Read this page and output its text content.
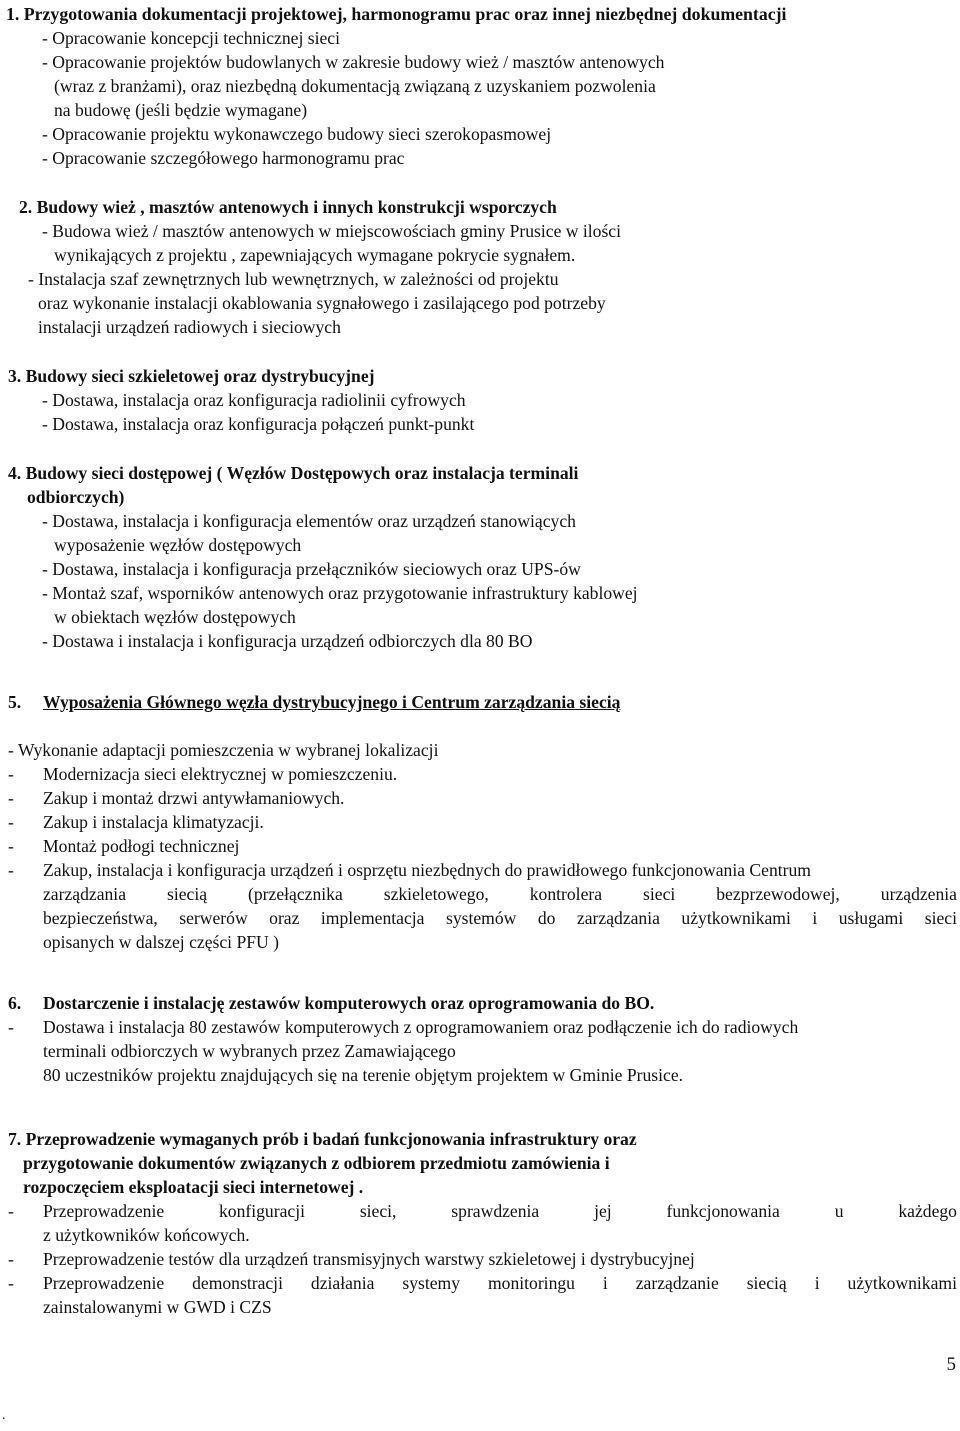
1. Przygotowania dokumentacji projektowej, harmonogramu prac oraz innej niezbędnej dokumentacji
- Opracowanie koncepcji technicznej sieci
- Opracowanie projektów budowlanych w zakresie budowy wież / masztów antenowych
(wraz z branżami), oraz niezbędną dokumentacją związaną z uzyskaniem pozwolenia
na budowę (jeśli będzie wymagane)
- Opracowanie projektu wykonawczego budowy sieci szerokopasmowej
- Opracowanie szczegółowego harmonogramu prac
2. Budowy wież , masztów antenowych i innych konstrukcji wsporczych
- Budowa wież / masztów antenowych w miejscowościach gminy Prusice w ilości
wynikających z projektu , zapewniających wymagane pokrycie sygnałem.
- Instalacja szaf zewnętrznych lub wewnętrznych, w zależności od projektu
oraz wykonanie instalacji okablowania sygnałowego i zasilającego pod potrzeby
instalacji urządzeń radiowych i sieciowych
3. Budowy sieci szkieletowej oraz dystrybucyjnej
- Dostawa, instalacja oraz konfiguracja radiolinii cyfrowych
- Dostawa, instalacja oraz konfiguracja połączeń punkt-punkt
4. Budowy sieci dostępowej ( Węzłów Dostępowych oraz instalacja terminali
odbiorczych)
- Dostawa, instalacja i konfiguracja elementów oraz urządzeń stanowiących
wyposażenie węzłów dostępowych
- Dostawa, instalacja i konfiguracja przełączników sieciowych oraz UPS-ów
- Montaż szaf, wsporników antenowych oraz przygotowanie infrastruktury kablowej
w obiektach węzłów dostępowych
- Dostawa i instalacja i konfiguracja urządzeń odbiorczych dla 80 BO
5. Wyposażenia Głównego węzła dystrybucyjnego i Centrum zarządzania siecią
- Wykonanie adaptacji pomieszczenia w wybranej lokalizacji
- Modernizacja sieci elektrycznej w pomieszczeniu.
- Zakup i montaż drzwi antywłamaniowych.
- Zakup i instalacja klimatyzacji.
- Montaż podłogi technicznej
- Zakup, instalacja i konfiguracja urządzeń i osprzętu niezbędnych do prawidłowego funkcjonowania Centrum
zarządzania siecią (przełącznika szkieletowego, kontrolera sieci bezprzewodowej, urządzenia
bezpieczeństwa, serwerów oraz implementacja systemów do zarządzania użytkownikami i usługami sieci
opisanych w dalszej części PFU )
6. Dostarczenie i instalację zestawów komputerowych oraz oprogramowania do BO.
- Dostawa i instalacja 80 zestawów komputerowych z oprogramowaniem oraz podłączenie ich do radiowych
terminali odbiorczych w wybranych przez Zamawiającego
80 uczestników projektu znajdujących się na terenie objętym projektem w Gminie Prusice.
7. Przeprowadzenie wymaganych prób i badań funkcjonowania infrastruktury oraz
przygotowanie dokumentów związanych z odbiorem przedmiotu zamówienia i
rozpoczęciem eksploatacji sieci internetowej .
- Przeprowadzenie	konfiguracji	sieci,	sprawdzenia	jej	funkcjonowania	u	każdego
z użytkowników końcowych.
- Przeprowadzenie testów dla urządzeń transmisyjnych warstwy szkieletowej i dystrybucyjnej
- Przeprowadzenie demonstracji działania systemy monitoringu i zarządzanie siecią i użytkownikami
zainstalowanymi w GWD i CZS
5
.
